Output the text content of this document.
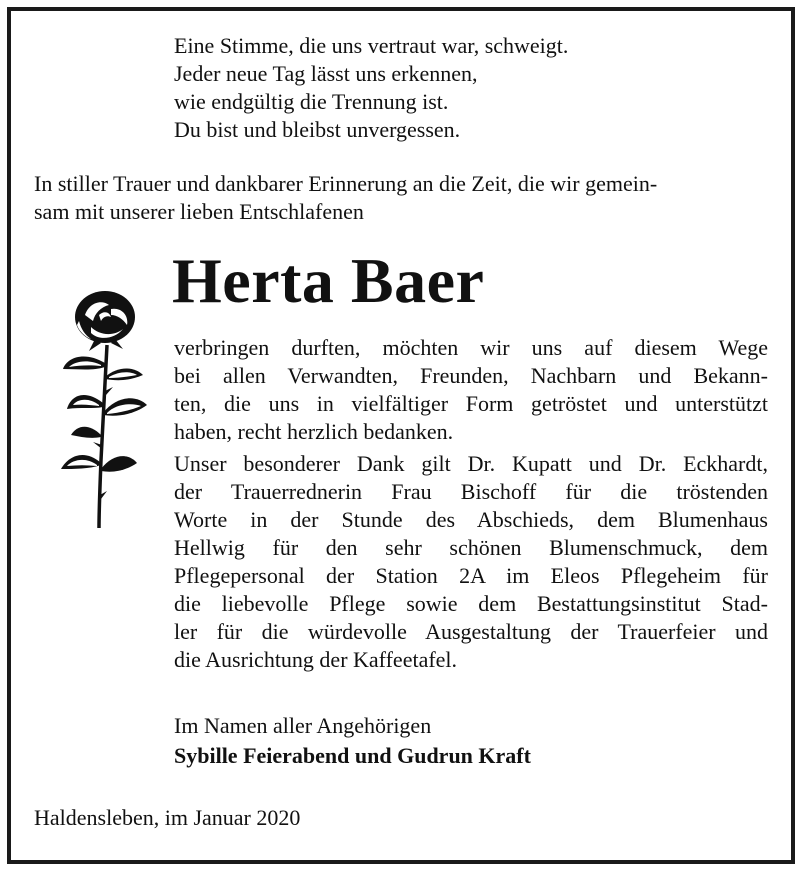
Eine Stimme, die uns vertraut war, schweigt.
Jeder neue Tag lässt uns erkennen,
wie endgültig die Trennung ist.
Du bist und bleibst unvergessen.
In stiller Trauer und dankbarer Erinnerung an die Zeit, die wir gemein-
sam mit unserer lieben Entschlafenen
Herta Baer
verbringen durften, möchten wir uns auf diesem Wege
bei allen Verwandten, Freunden, Nachbarn und Bekann-
ten, die uns in vielfältiger Form getröstet und unterstützt
haben, recht herzlich bedanken.
Unser besonderer Dank gilt Dr. Kupatt und Dr. Eckhardt,
der Trauerrednerin Frau Bischoff für die tröstenden
Worte in der Stunde des Abschieds, dem Blumenhaus
Hellwig für den sehr schönen Blumenschmuck, dem
Pflegepersonal der Station 2A im Eleos Pflegeheim für
die liebevolle Pflege sowie dem Bestattungsinstitut Stad-
ler für die würdevolle Ausgestaltung der Trauerfeier und
die Ausrichtung der Kaffeetafel.
Im Namen aller Angehörigen
Sybille Feierabend und Gudrun Kraft
Haldensleben, im Januar 2020
